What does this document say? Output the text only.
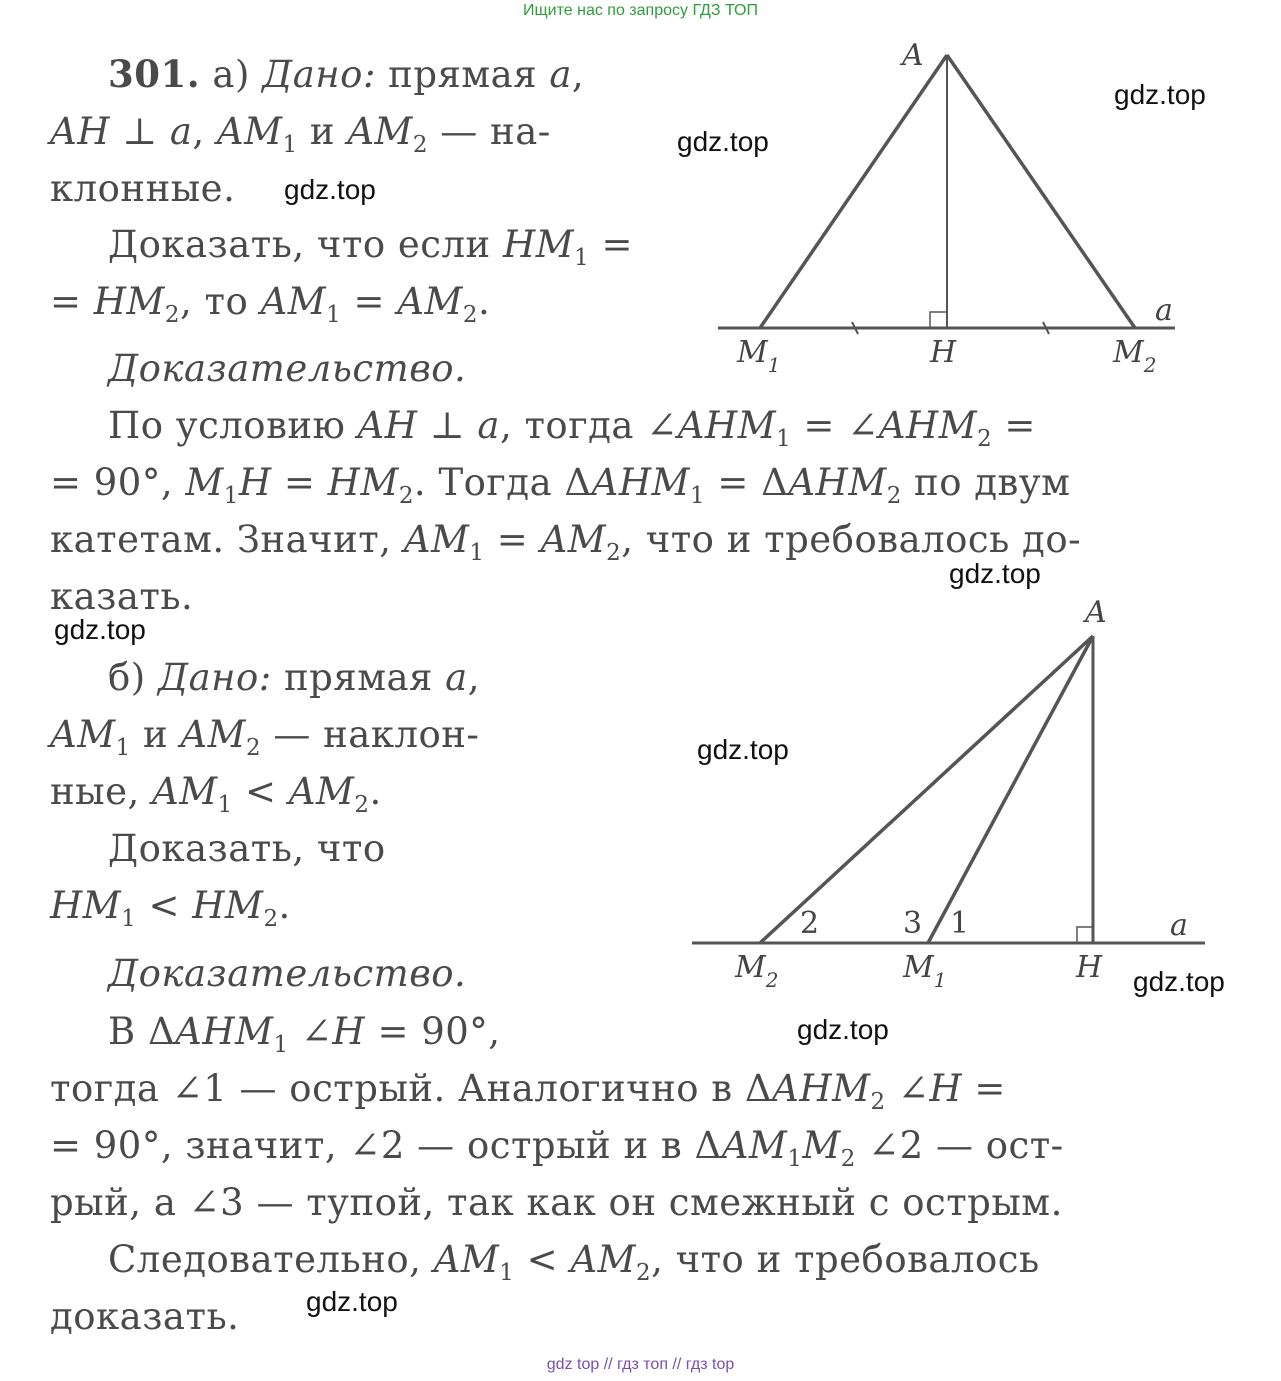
Ищите нас по запросу ГДЗ ТОП
gdz top // гдз топ // гдз top
301. а) Дано: прямая a,
AH ⊥ a, $AM_1$ и $AM_2$ — на-
клонные.
Доказать, что если $HM_1$ =
= $HM_2$, то $AM_1 = AM_2$.
Доказательство.
По условию AH ⊥ a, тогда $\angle AHM_1$ = $\angle AHM_2$ =
= 90°, $M_1H = HM_2$. Тогда $\Delta AHM_1 = \Delta AHM_2$ по двум
катетам. Значит, $AM_1 = AM_2$, что и требовалось до-
казать.
A
$M_1$	H	$M_2$
a
б) Дано: прямая a,
$AM_1$ и $AM_2$ — наклон-
ные, $AM_1 < AM_2$.
Доказать, что
$HM_1 < HM_2$.
Доказательство.
В $\Delta AHM_1$ ∠H = 90°,
тогда ∠1 — острый. Аналогично в $\Delta AHM_2$ ∠H =
= 90°, значит, ∠2 — острый и в $\Delta AM_1M_2$ ∠2 — ост-
рый, а ∠3 — тупой, так как он смежный с острым.
Следовательно, $AM_1 < AM_2$, что и требовалось
доказать.
A
2	3 1
$M_2$	$M_1$	H
a
gdz.top
gdz.top
gdz.top
gdz.top
gdz.top
gdz.top
gdz.top
gdz.top
gdz.top
